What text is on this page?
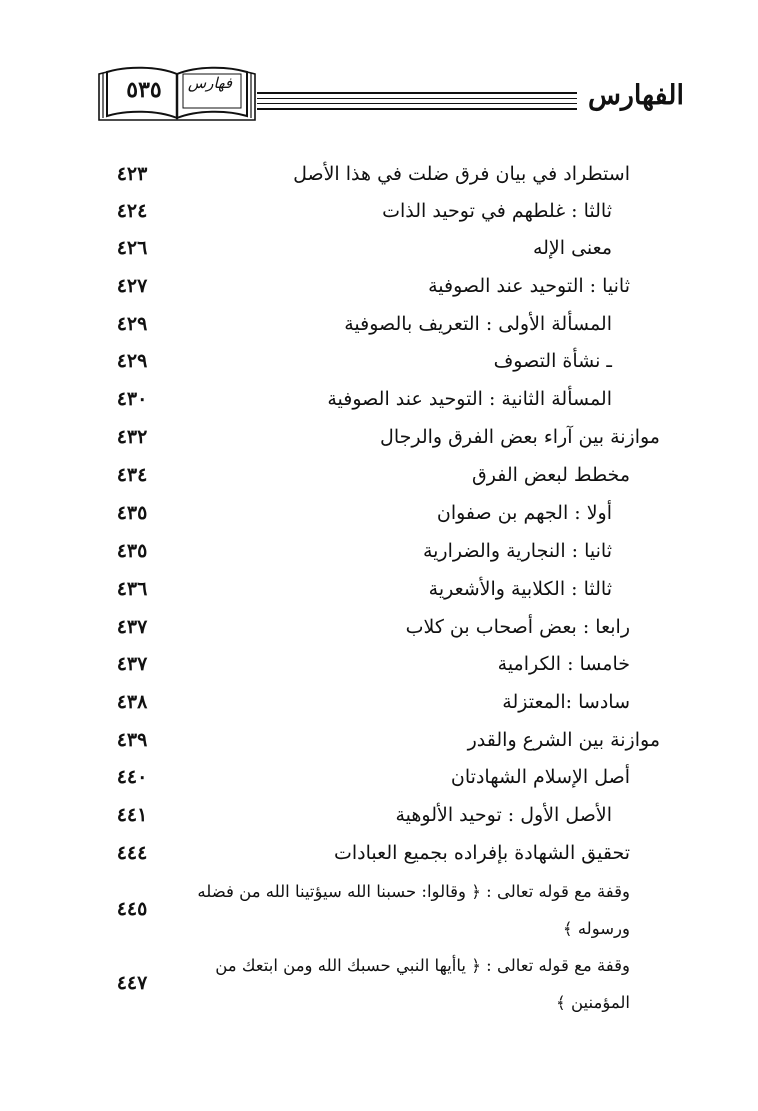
٥٣٥	فهارس	الفهارس
استطراد في بيان فرق ضلت في هذا الأصل
٤٢٣
ثالثا : غلطهم في توحيد الذات
٤٢٤
معنى الإله
٤٢٦
ثانيا : التوحيد عند الصوفية
٤٢٧
المسألة الأولى : التعريف بالصوفية
٤٢٩
ـ نشأة التصوف
٤٢٩
المسألة الثانية : التوحيد عند الصوفية
٤٣٠
موازنة بين آراء بعض الفرق والرجال
٤٣٢
مخطط لبعض الفرق
٤٣٤
أولا : الجهم بن صفوان
٤٣٥
ثانيا : النجارية والضرارية
٤٣٥
ثالثا : الكلابية والأشعرية
٤٣٦
رابعا : بعض أصحاب بن كلاب
٤٣٧
خامسا : الكرامية
٤٣٧
سادسا :المعتزلة
٤٣٨
موازنة بين الشرع والقدر
٤٣٩
أصل الإسلام الشهادتان
٤٤٠
الأصل الأول : توحيد الألوهية
٤٤١
تحقيق الشهادة بإفراده بجميع العبادات
٤٤٤
وقفة مع قوله تعالى : ﴿ وقالوا: حسبنا الله سيؤتينا الله من فضله ورسوله ﴾
٤٤٥
وقفة مع قوله تعالى : ﴿ ياأيها النبي حسبك الله ومن ابتعك من المؤمنين ﴾
٤٤٧
